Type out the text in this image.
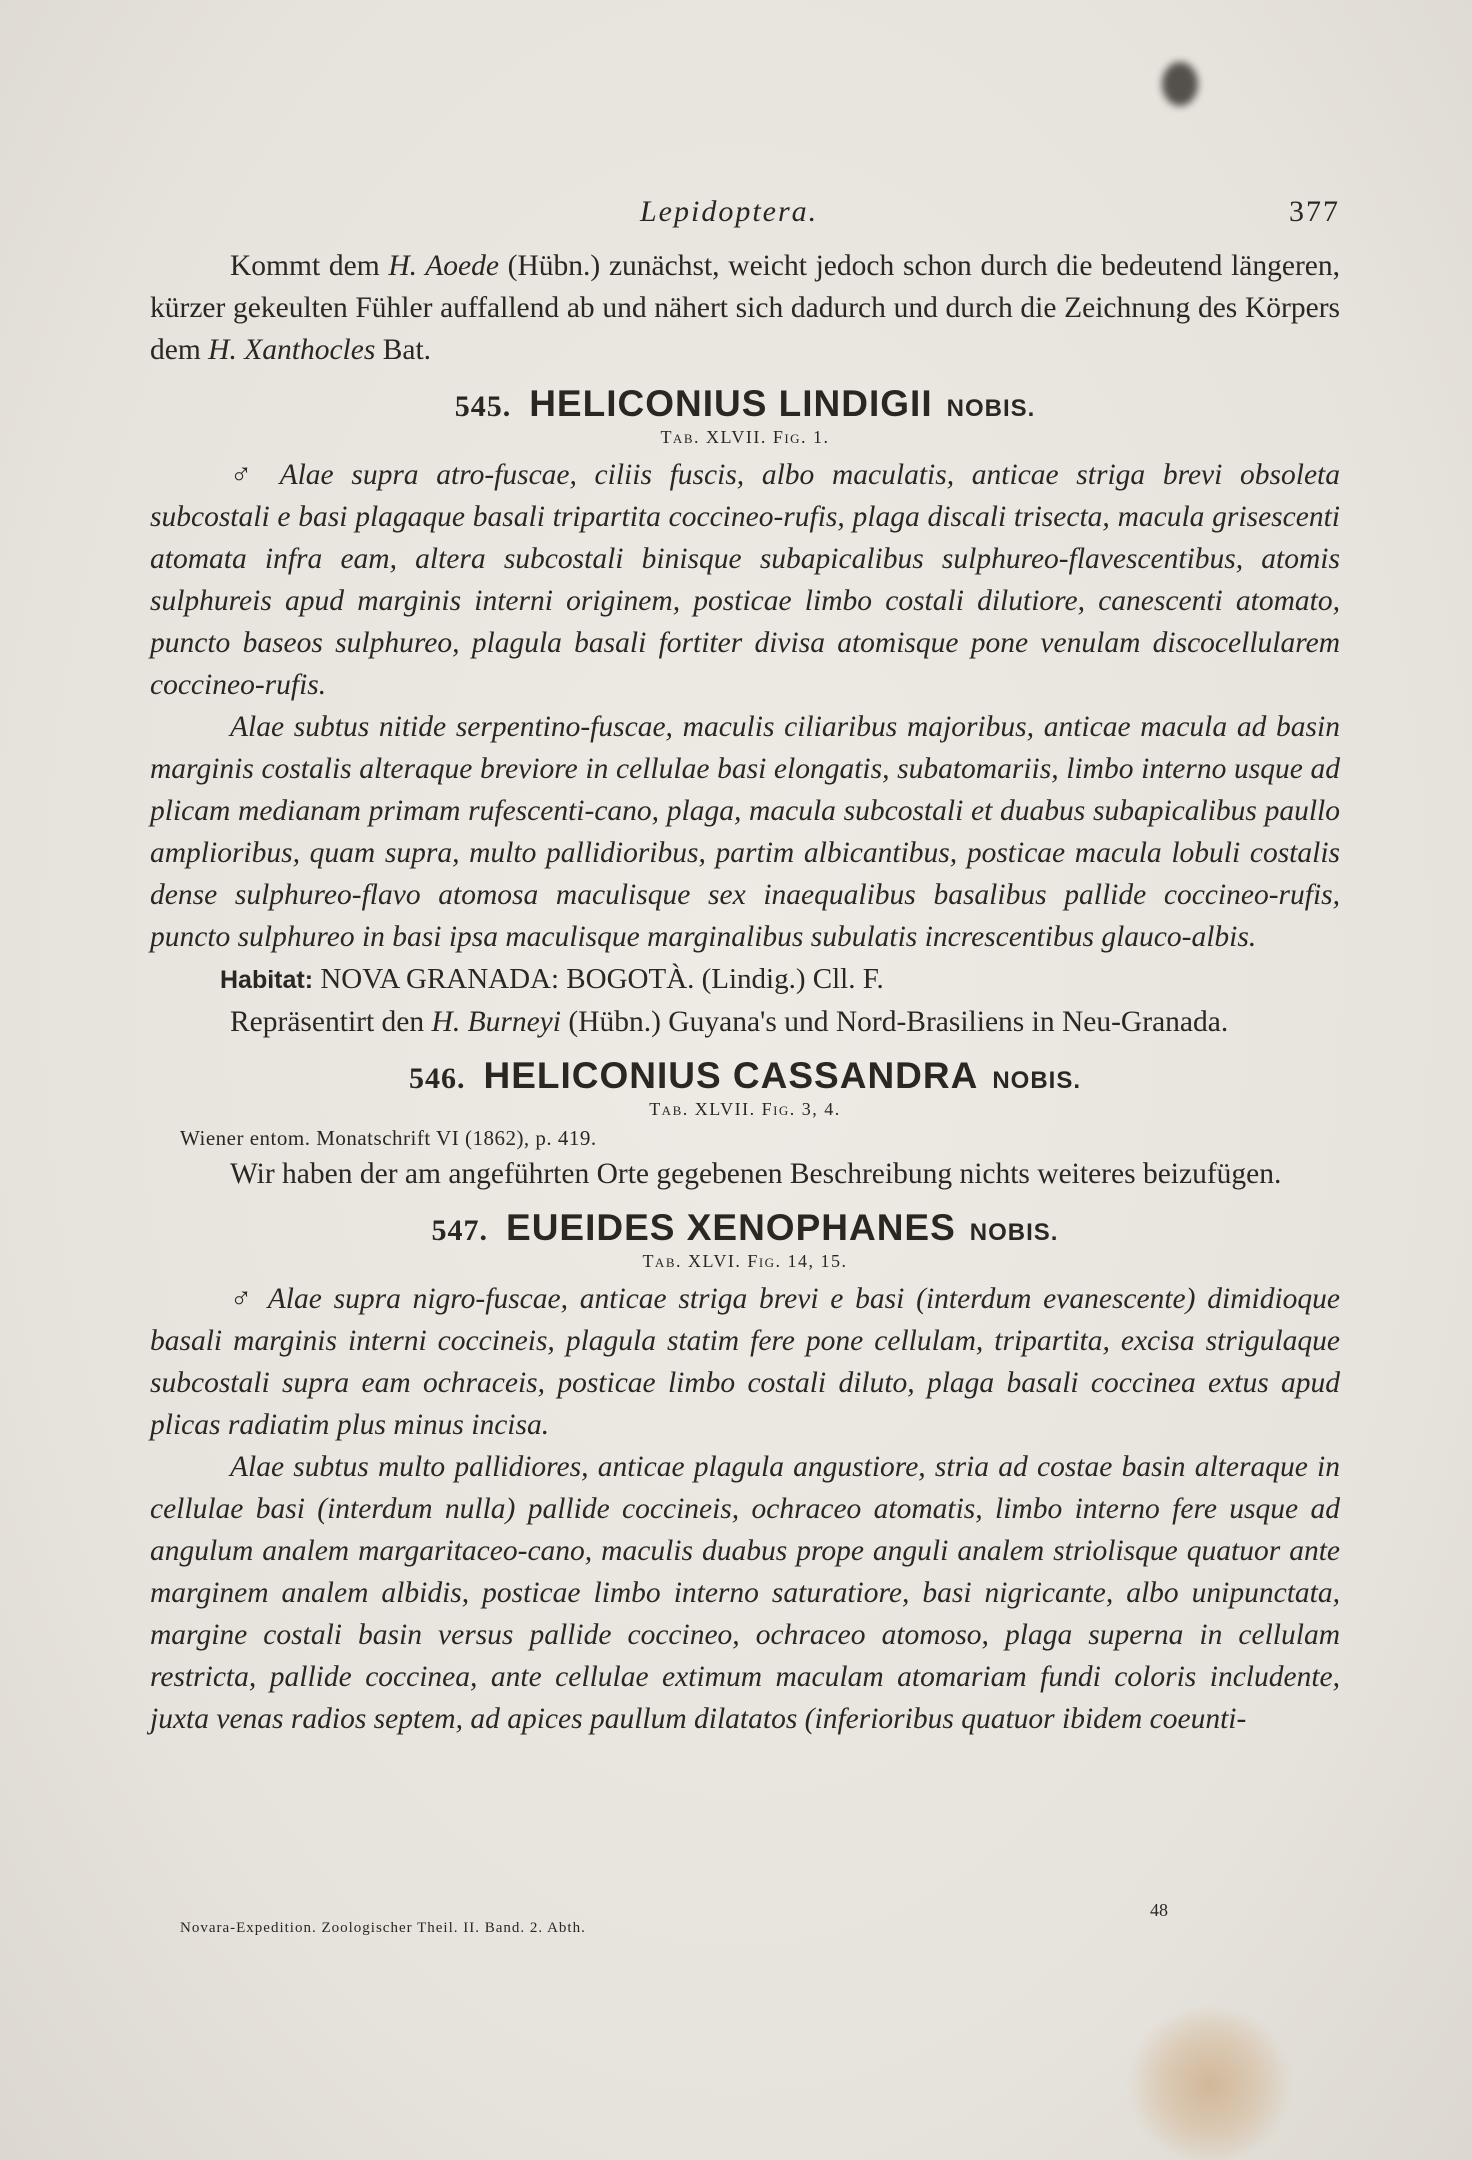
Lepidoptera.	377

Kommt dem H. Aoede (Hübn.) zunächst, weicht jedoch schon durch die bedeutend längeren, kürzer gekeulten Fühler auffallend ab und nähert sich dadurch und durch die Zeichnung des Körpers dem H. Xanthocles Bat.

545. HELICONIUS LINDIGII NOBIS.
Tab. XLVII. Fig. 1.

♂ Alae supra atro-fuscae, ciliis fuscis, albo maculatis, anticae striga brevi obsoleta subcostali e basi plagaque basali tripartita coccineo-rufis, plaga discali trisecta, macula grisescenti atomata infra eam, altera subcostali binisque subapicalibus sulphureo-flavescentibus, atomis sulphureis apud marginis interni originem, posticae limbo costali dilutiore, canescenti atomato, puncto baseos sulphureo, plagula basali fortiter divisa atomisque pone venulam discocellularem coccineo-rufis.

Alae subtus nitide serpentino-fuscae, maculis ciliaribus majoribus, anticae macula ad basin marginis costalis alteraque breviore in cellulae basi elongatis, subatomariis, limbo interno usque ad plicam medianam primam rufescenti-cano, plaga, macula subcostali et duabus subapicalibus paullo amplioribus, quam supra, multo pallidioribus, partim albicantibus, posticae macula lobuli costalis dense sulphureo-flavo atomosa maculisque sex inaequalibus basalibus pallide coccineo-rufis, puncto sulphureo in basi ipsa maculisque marginalibus subulatis increscentibus glauco-albis.

Habitat: NOVA GRANADA: BOGOTÀ. (Lindig.) Cll. F.

Repräsentirt den H. Burneyi (Hübn.) Guyana's und Nord-Brasiliens in Neu-Granada.

546. HELICONIUS CASSANDRA NOBIS.
Tab. XLVII. Fig. 3, 4.
Wiener entom. Monatschrift VI (1862), p. 419.

Wir haben der am angeführten Orte gegebenen Beschreibung nichts weiteres beizufügen.

547. EUEIDES XENOPHANES NOBIS.
Tab. XLVI. Fig. 14, 15.

♂ Alae supra nigro-fuscae, anticae striga brevi e basi (interdum evanescente) dimidioque basali marginis interni coccineis, plagula statim fere pone cellulam, tripartita, excisa strigulaque subcostali supra eam ochraceis, posticae limbo costali diluto, plaga basali coccinea extus apud plicas radiatim plus minus incisa.

Alae subtus multo pallidiores, anticae plagula angustiore, stria ad costae basin alteraque in cellulae basi (interdum nulla) pallide coccineis, ochraceo atomatis, limbo interno fere usque ad angulum analem margaritaceo-cano, maculis duabus prope anguli analem striolisque quatuor ante marginem analem albidis, posticae limbo interno saturatiore, basi nigricante, albo unipunctata, margine costali basin versus pallide coccineo, ochraceo atomoso, plaga superna in cellulam restricta, pallide coccinea, ante cellulae extimum maculam atomariam fundi coloris includente, juxta venas radios septem, ad apices paullum dilatatos (inferioribus quatuor ibidem coeunti-

48
Novara-Expedition. Zoologischer Theil. II. Band. 2. Abth.
